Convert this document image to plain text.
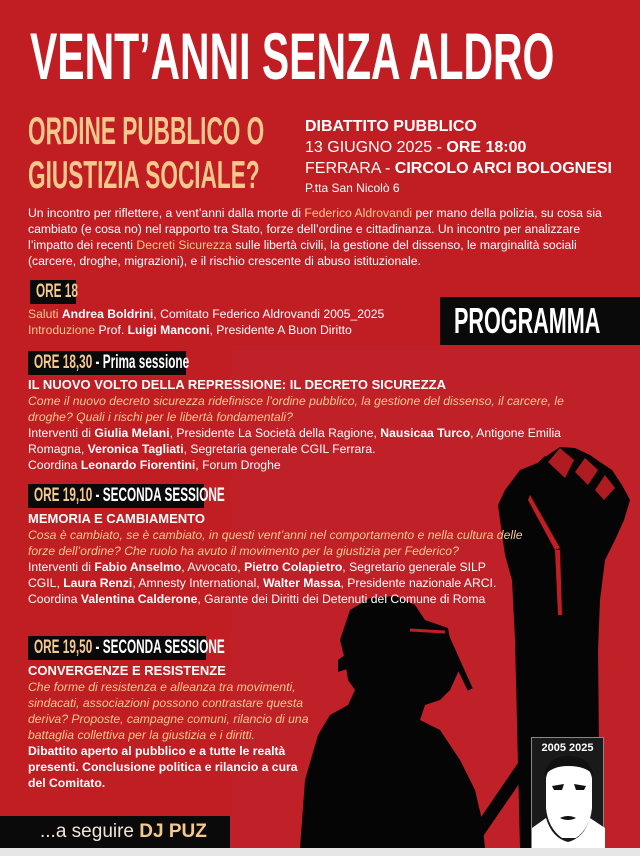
VENT’ANNI SENZA ALDRO
ORDINE PUBBLICO O
GIUSTIZIA SOCIALE?
DIBATTITO PUBBLICO
13 GIUGNO 2025 - ORE 18:00
FERRARA - CIRCOLO ARCI BOLOGNESI
P.tta San Nicolò 6

Un incontro per riflettere, a vent’anni dalla morte di Federico Aldrovandi per mano della polizia, su cosa sia cambiato (e cosa no) nel rapporto tra Stato, forze dell’ordine e cittadinanza. Un incontro per analizzare l’impatto dei recenti Decreti Sicurezza sulle libertà civili, la gestione del dissenso, le marginalità sociali (carcere, droghe, migrazioni), e il rischio crescente di abuso istituzionale.

ORE 18
Saluti Andrea Boldrini, Comitato Federico Aldrovandi 2005_2025
Introduzione Prof. Luigi Manconi, Presidente A Buon Diritto	PROGRAMMA
ORE 18,30 - Prima sessione
IL NUOVO VOLTO DELLA REPRESSIONE: IL DECRETO SICUREZZA
Come il nuovo decreto sicurezza ridefinisce l’ordine pubblico, la gestione del dissenso, il carcere, le droghe? Quali i rischi per le libertà fondamentali?
Interventi di Giulia Melani, Presidente La Società della Ragione, Nausicaa Turco, Antigone Emilia Romagna, Veronica Tagliati, Segretaria generale CGIL Ferrara.
Coordina Leonardo Fiorentini, Forum Droghe
ORE 19,10 - SECONDA SESSIONE
MEMORIA E CAMBIAMENTO
Cosa è cambiato, se è cambiato, in questi vent’anni nel comportamento e nella cultura delle forze dell’ordine? Che ruolo ha avuto il movimento per la giustizia per Federico?
Interventi di Fabio Anselmo, Avvocato, Pietro Colapietro, Segretario generale SILP CGIL, Laura Renzi, Amnesty International, Walter Massa, Presidente nazionale ARCI. Coordina Valentina Calderone, Garante dei Diritti dei Detenuti del Comune di Roma
ORE 19,50 - SECONDA SESSIONE
CONVERGENZE E RESISTENZE
Che forme di resistenza e alleanza tra movimenti, sindacati, associazioni possono contrastare questa deriva? Proposte, campagne comuni, rilancio di una battaglia collettiva per la giustizia e i diritti.
Dibattito aperto al pubblico e a tutte le realtà presenti. Conclusione politica e rilancio a cura del Comitato.
...a seguire DJ PUZ
2005 2025
